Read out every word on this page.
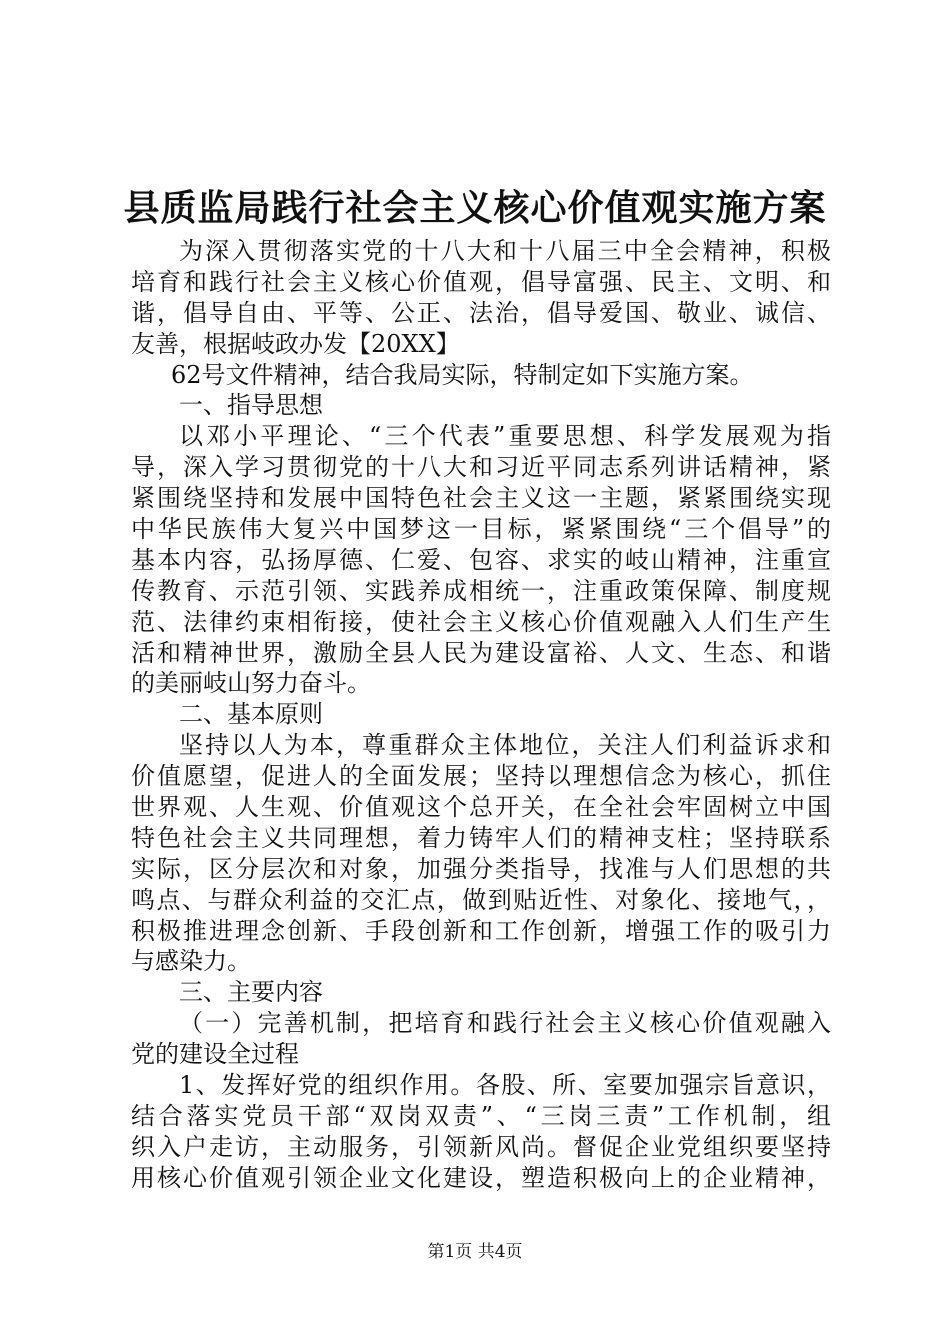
县质监局践行社会主义核心价值观实施方案
为深入贯彻落实党的十八大和十八届三中全会精神，积极
培育和践行社会主义核心价值观，倡导富强、民主、文明、和
谐，倡导自由、平等、公正、法治，倡导爱国、敬业、诚信、
友善，根据岐政办发【20XX】
62号文件精神，结合我局实际，特制定如下实施方案。
一、指导思想
以邓小平理论、“三个代表”重要思想、科学发展观为指
导，深入学习贯彻党的十八大和习近平同志系列讲话精神，紧
紧围绕坚持和发展中国特色社会主义这一主题，紧紧围绕实现
中华民族伟大复兴中国梦这一目标，紧紧围绕“三个倡导”的
基本内容，弘扬厚德、仁爱、包容、求实的岐山精神，注重宣
传教育、示范引领、实践养成相统一，注重政策保障、制度规
范、法律约束相衔接，使社会主义核心价值观融入人们生产生
活和精神世界，激励全县人民为建设富裕、人文、生态、和谐
的美丽岐山努力奋斗。
二、基本原则
坚持以人为本，尊重群众主体地位，关注人们利益诉求和
价值愿望，促进人的全面发展；坚持以理想信念为核心，抓住
世界观、人生观、价值观这个总开关，在全社会牢固树立中国
特色社会主义共同理想，着力铸牢人们的精神支柱；坚持联系
实际，区分层次和对象，加强分类指导，找准与人们思想的共
鸣点、与群众利益的交汇点，做到贴近性、对象化、接地气，，
积极推进理念创新、手段创新和工作创新，增强工作的吸引力
与感染力。
三、主要内容
（一）完善机制，把培育和践行社会主义核心价值观融入
党的建设全过程
1、发挥好党的组织作用。各股、所、室要加强宗旨意识，
结合落实党员干部“双岗双责”、“三岗三责”工作机制，组
织入户走访，主动服务，引领新风尚。督促企业党组织要坚持
用核心价值观引领企业文化建设，塑造积极向上的企业精神，
第1页 共4页
